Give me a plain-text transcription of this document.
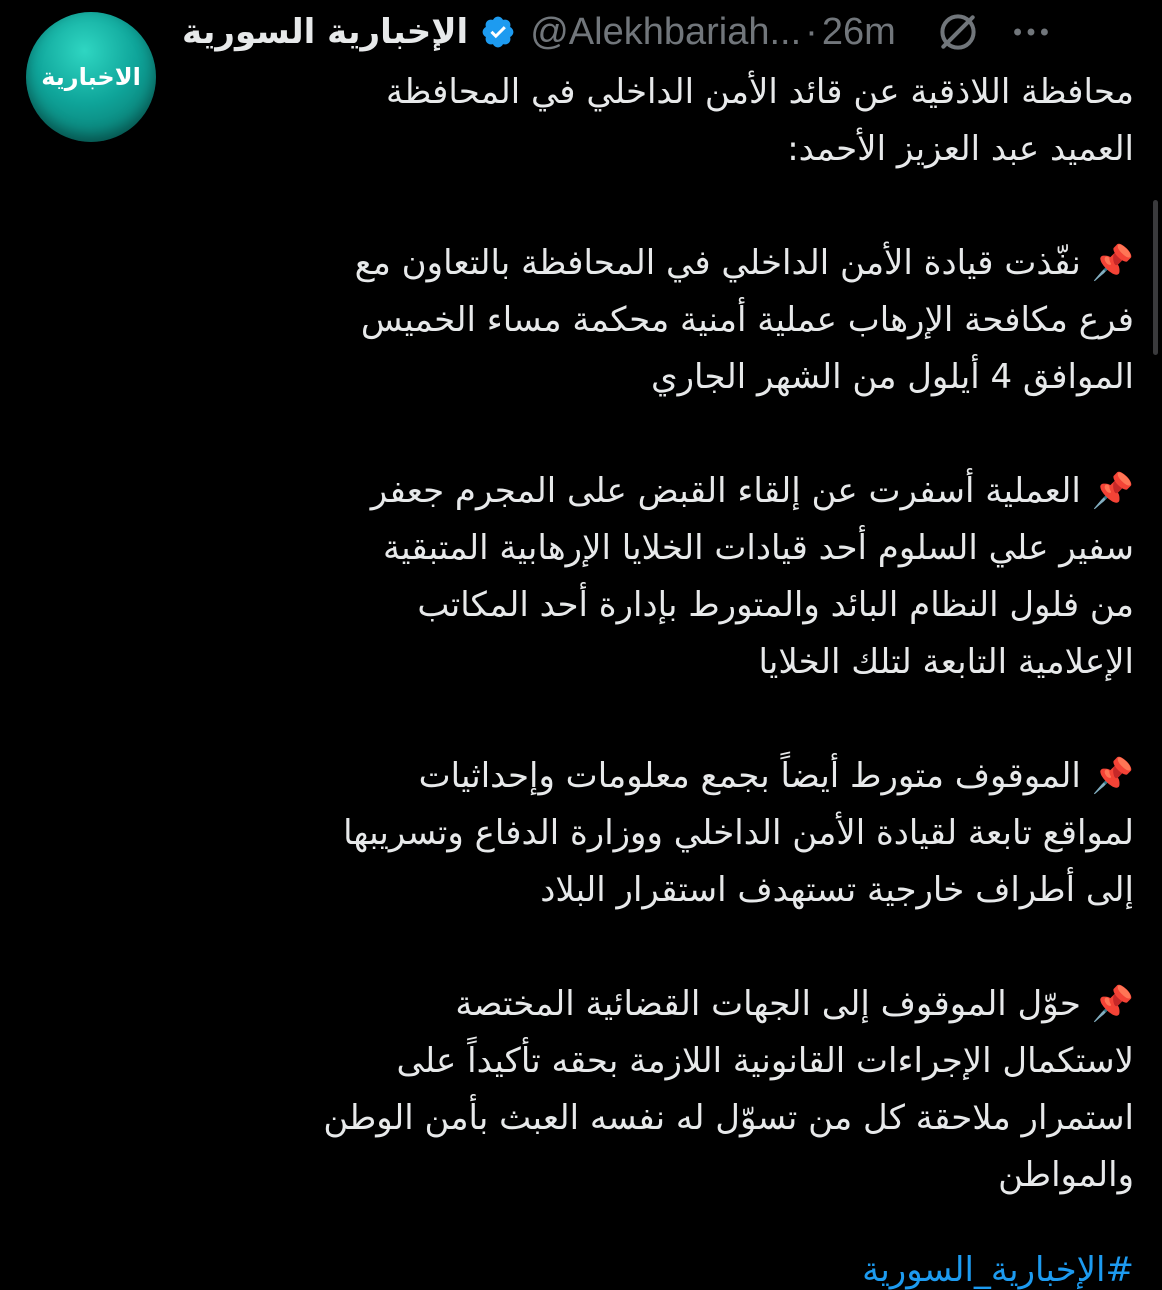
الاخبارية
الإخبارية السورية @Alekhbariah... · 26m
محافظة اللاذقية عن قائد الأمن الداخلي في المحافظة
العميد عبد العزيز الأحمد:
📌 نفّذت قيادة الأمن الداخلي في المحافظة بالتعاون مع
فرع مكافحة الإرهاب عملية أمنية محكمة مساء الخميس
الموافق 4 أيلول من الشهر الجاري
📌 العملية أسفرت عن إلقاء القبض على المجرم جعفر
سفير علي السلوم أحد قيادات الخلايا الإرهابية المتبقية
من فلول النظام البائد والمتورط بإدارة أحد المكاتب
الإعلامية التابعة لتلك الخلايا
📌 الموقوف متورط أيضاً بجمع معلومات وإحداثيات
لمواقع تابعة لقيادة الأمن الداخلي ووزارة الدفاع وتسريبها
إلى أطراف خارجية تستهدف استقرار البلاد
📌 حوّل الموقوف إلى الجهات القضائية المختصة
لاستكمال الإجراءات القانونية اللازمة بحقه تأكيداً على
استمرار ملاحقة كل من تسوّل له نفسه العبث بأمن الوطن
والمواطن
#الإخبارية_السورية
